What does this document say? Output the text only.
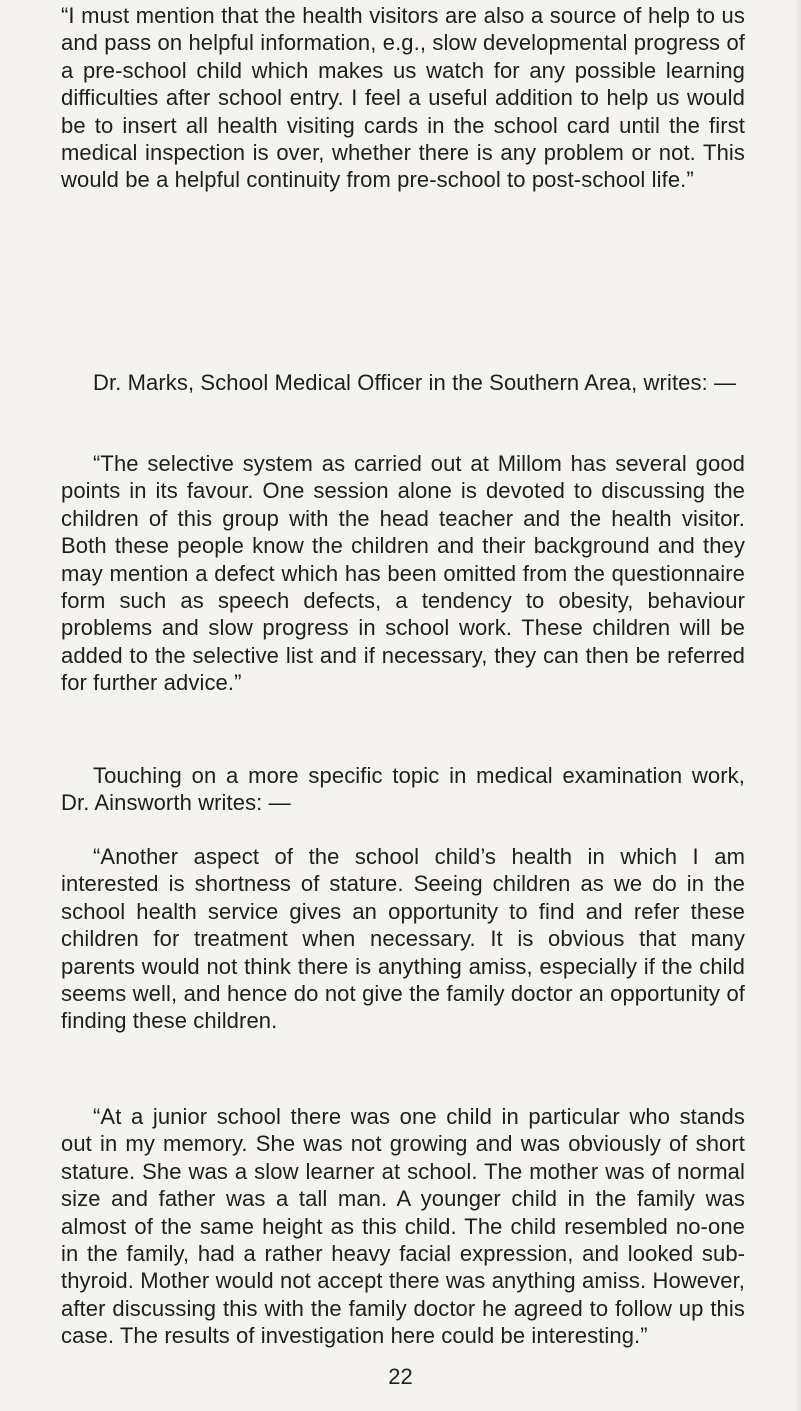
“I must mention that the health visitors are also a source of help to us and pass on helpful information, e.g., slow developmental progress of a pre-school child which makes us watch for any possible learning difficulties after school entry. I feel a useful addition to help us would be to insert all health visiting cards in the school card until the first medical inspection is over, whether there is any problem or not. This would be a helpful continuity from pre-school to post-school life.”

Dr. Marks, School Medical Officer in the Southern Area, writes: —

“The selective system as carried out at Millom has several good points in its favour. One session alone is devoted to discussing the children of this group with the head teacher and the health visitor. Both these people know the children and their background and they may mention a defect which has been omitted from the questionnaire form such as speech defects, a tendency to obesity, behaviour problems and slow progress in school work. These children will be added to the selective list and if necessary, they can then be referred for further advice.”

Touching on a more specific topic in medical examination work, Dr. Ainsworth writes: —

“Another aspect of the school child’s health in which I am interested is shortness of stature. Seeing children as we do in the school health service gives an opportunity to find and refer these children for treatment when necessary. It is obvious that many parents would not think there is anything amiss, especially if the child seems well, and hence do not give the family doctor an opportunity of finding these children.

“At a junior school there was one child in particular who stands out in my memory. She was not growing and was obviously of short stature. She was a slow learner at school. The mother was of normal size and father was a tall man. A younger child in the family was almost of the same height as this child. The child resembled no-one in the family, had a rather heavy facial expression, and looked subthyroid. Mother would not accept there was anything amiss. However, after discussing this with the family doctor he agreed to follow up this case. The results of investigation here could be interesting.”

22
